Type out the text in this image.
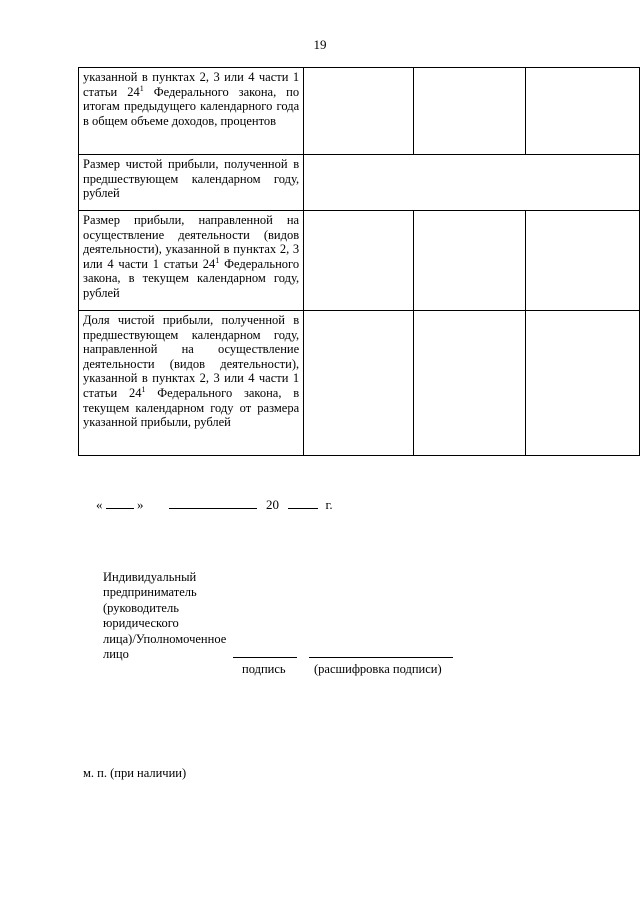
19
указанной в пунктах 2, 3 или 4 части 1 статьи $24^1$ Федерального закона, по итогам предыдущего календарного года в общем объеме доходов, процентов			
Размер чистой прибыли, полученной в предшествующем календарном году, рублей			
Размер прибыли, направленной на осуществление деятельности (видов деятельности), указанной в пунктах 2, 3 или 4 части 1 статьи $24^1$ Федерального закона, в текущем календарном году, рублей			
Доля чистой прибыли, полученной в предшествующем календарном году, направленной на осуществление деятельности (видов деятельности), указанной в пунктах 2, 3 или 4 части 1 статьи $24^1$ Федерального закона, в текущем календарном году от размера указанной прибыли, рублей			
«	»	20	г.
Индивидуальный
предприниматель
(руководитель
юридического
лица)/Уполномоченное
лицо
подпись (расшифровка подписи)
м. п. (при наличии)
